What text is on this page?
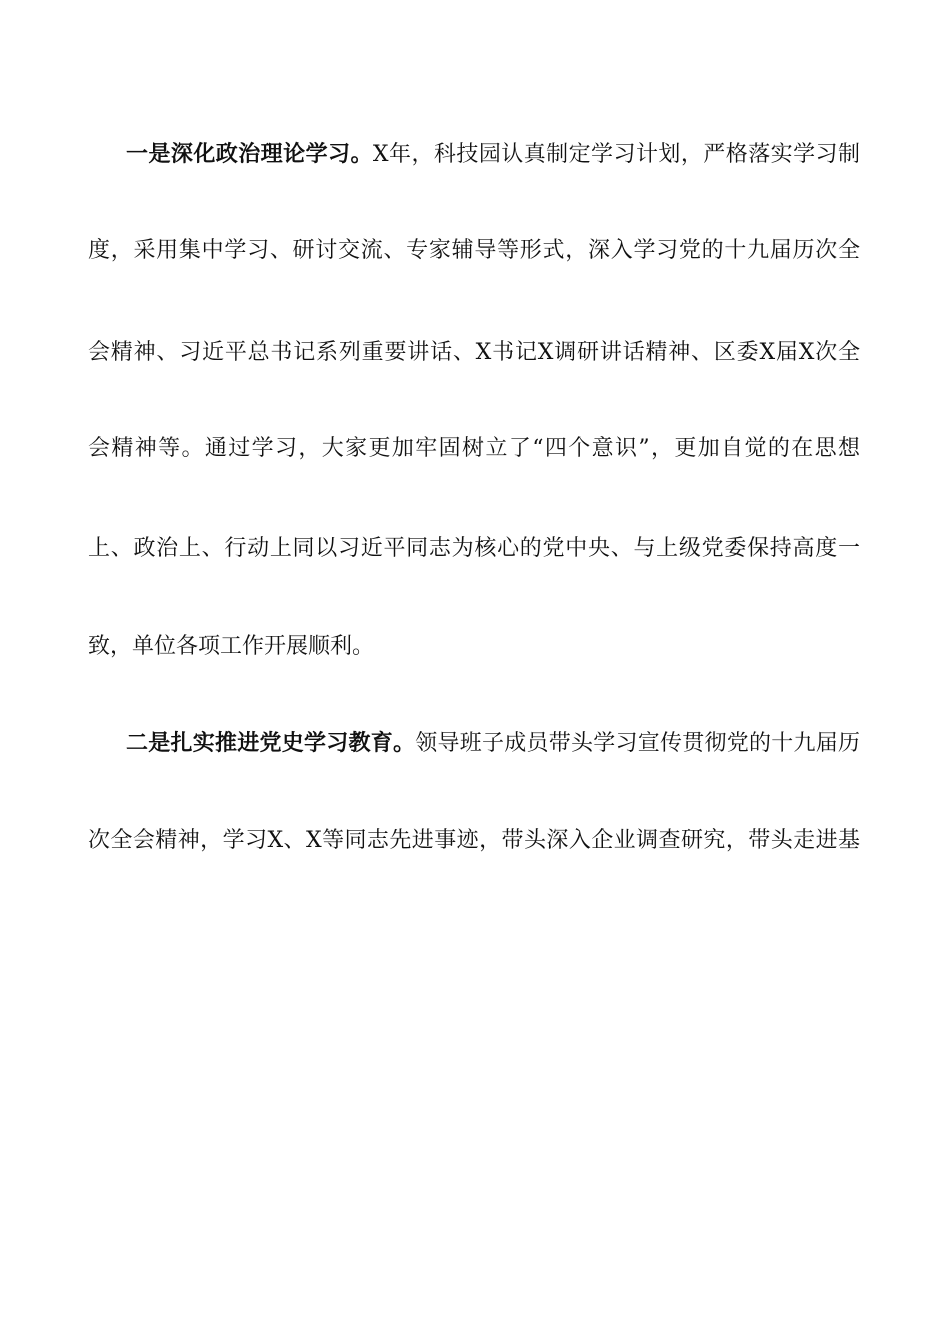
一是深化政治理论学习。X年，科技园认真制定学习计划，严格落实学习制
度，采用集中学习、研讨交流、专家辅导等形式，深入学习党的十九届历次全
会精神、习近平总书记系列重要讲话、X书记X调研讲话精神、区委X届X次全
会精神等。通过学习，大家更加牢固树立了“四个意识”，更加自觉的在思想
上、政治上、行动上同以习近平同志为核心的党中央、与上级党委保持高度一
致，单位各项工作开展顺利。
二是扎实推进党史学习教育。领导班子成员带头学习宣传贯彻党的十九届历
次全会精神，学习X、X等同志先进事迹，带头深入企业调查研究，带头走进基
